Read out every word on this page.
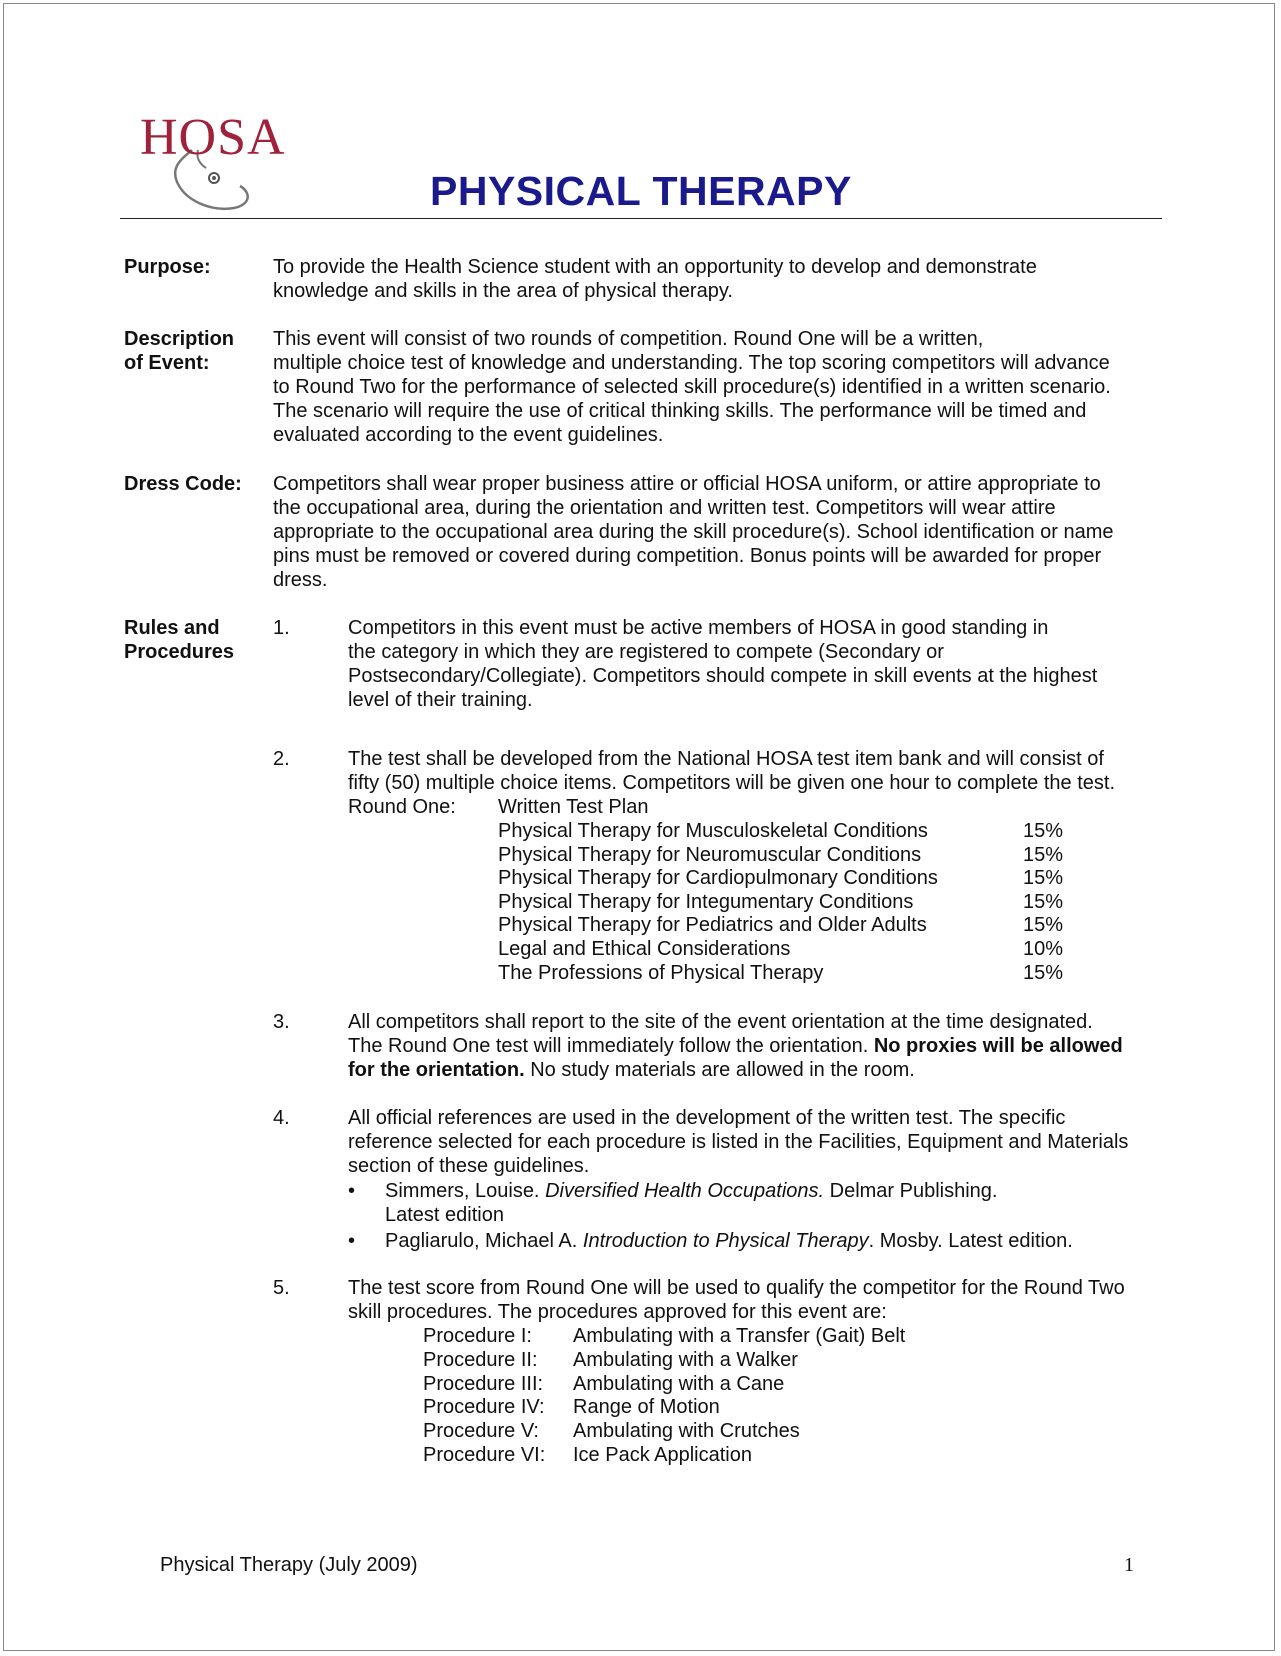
HOSA
PHYSICAL THERAPY
Purpose:	To provide the Health Science student with an opportunity to develop and demonstrate

knowledge and skills in the area of physical therapy.

Description

of Event:

This event will consist of two rounds of competition. Round One will be a written,

multiple choice test of knowledge and understanding. The top scoring competitors will advance

to Round Two for the performance of selected skill procedure(s) identified in a written scenario.

The scenario will require the use of critical thinking skills. The performance will be timed and

evaluated according to the event guidelines.

Dress Code: Competitors shall wear proper business attire or official HOSA uniform, or attire appropriate to

the occupational area, during the orientation and written test. Competitors will wear attire

appropriate to the occupational area during the skill procedure(s). School identification or name

pins must be removed or covered during competition. Bonus points will be awarded for proper

dress.

Rules and

Procedures

1.	Competitors in this event must be active members of HOSA in good standing in

the category in which they are registered to compete (Secondary or

Postsecondary/Collegiate). Competitors should compete in skill events at the highest

level of their training.

2.	The test shall be developed from the National HOSA test item bank and will consist of

fifty (50) multiple choice items. Competitors will be given one hour to complete the test.

Round One: Written Test Plan
Physical Therapy for Musculoskeletal Conditions	15%
Physical Therapy for Neuromuscular Conditions	15%
Physical Therapy for Cardiopulmonary Conditions	15%
Physical Therapy for Integumentary Conditions	15%
Physical Therapy for Pediatrics and Older Adults	15%
Legal and Ethical Considerations	10%
The Professions of Physical Therapy	15%
3.	All competitors shall report to the site of the event orientation at the time designated.

The Round One test will immediately follow the orientation. No proxies will be allowed

for the orientation. No study materials are allowed in the room.

4.	All official references are used in the development of the written test. The specific

reference selected for each procedure is listed in the Facilities, Equipment and Materials

section of these guidelines.

• Simmers, Louise. Diversified Health Occupations. Delmar Publishing.
Latest edition
• Pagliarulo, Michael A. Introduction to Physical Therapy. Mosby. Latest edition.
5.	The test score from Round One will be used to qualify the competitor for the Round Two

skill procedures. The procedures approved for this event are:

Procedure I: Ambulating with a Transfer (Gait) Belt
Procedure II: Ambulating with a Walker
Procedure III: Ambulating with a Cane
Procedure IV: Range of Motion
Procedure V: Ambulating with Crutches
Procedure VI: Ice Pack Application
Physical Therapy (July 2009)	1
